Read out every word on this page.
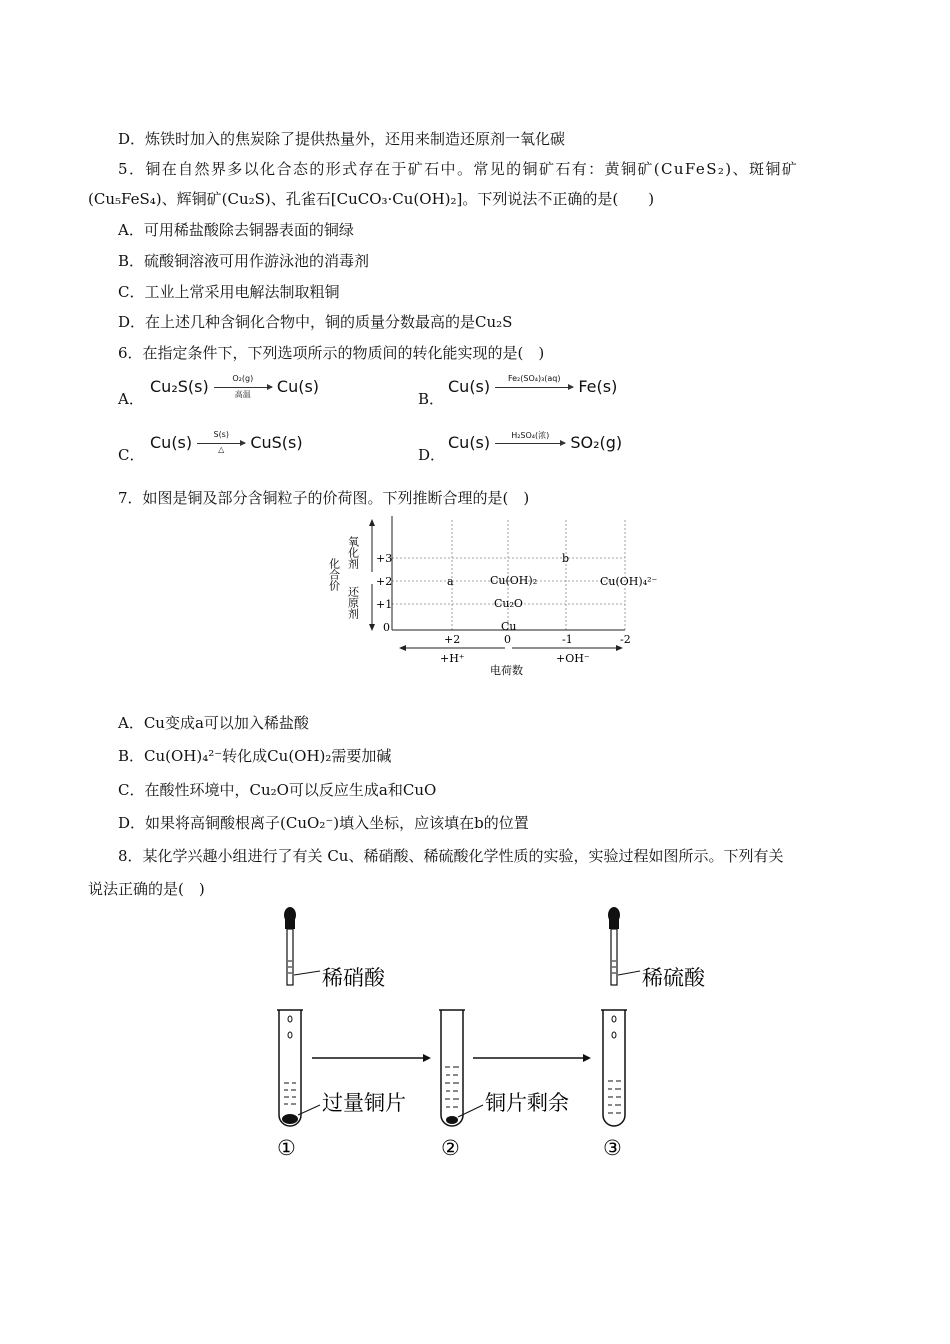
D．炼铁时加入的焦炭除了提供热量外，还用来制造还原剂一氧化碳
5．铜在自然界多以化合态的形式存在于矿石中。常见的铜矿石有：黄铜矿(CuFeS₂)、斑铜矿
(Cu₅FeS₄)、辉铜矿(Cu₂S)、孔雀石[CuCO₃·Cu(OH)₂]。下列说法不正确的是(　　)
A．可用稀盐酸除去铜器表面的铜绿
B．硫酸铜溶液可用作游泳池的消毒剂
C．工业上常采用电解法制取粗铜
D．在上述几种含铜化合物中，铜的质量分数最高的是Cu₂S
6．在指定条件下，下列选项所示的物质间的转化能实现的是(　)
A．
Cu₂S(s)	O₂(g)
高温	Cu(s)
B．
Cu(s)	Fe₂(SO₄)₃(aq)	Fe(s)
C．
Cu(s)	S(s)
△	CuS(s)
D．
Cu(s)	H₂SO₄(浓)	SO₂(g)
7．如图是铜及部分含铜粒子的价荷图。下列推断合理的是(　)
化合价
氧化剂
还原剂
+3
+2
+1
0
+2	0	-1	-2
a
b
Cu(OH)₂	Cu(OH)₄²⁻
Cu₂O
Cu
+H⁺	+OH⁻
电荷数
A．Cu变成a可以加入稀盐酸
B．Cu(OH)₄²⁻转化成Cu(OH)₂需要加碱
C．在酸性环境中，Cu₂O可以反应生成a和CuO
D．如果将高铜酸根离子(CuO₂⁻)填入坐标，应该填在b的位置
8．某化学兴趣小组进行了有关 Cu、稀硝酸、稀硫酸化学性质的实验，实验过程如图所示。下列有关
说法正确的是(　)
稀硝酸
过量铜片
①
铜片剩余
②
稀硫酸
③
